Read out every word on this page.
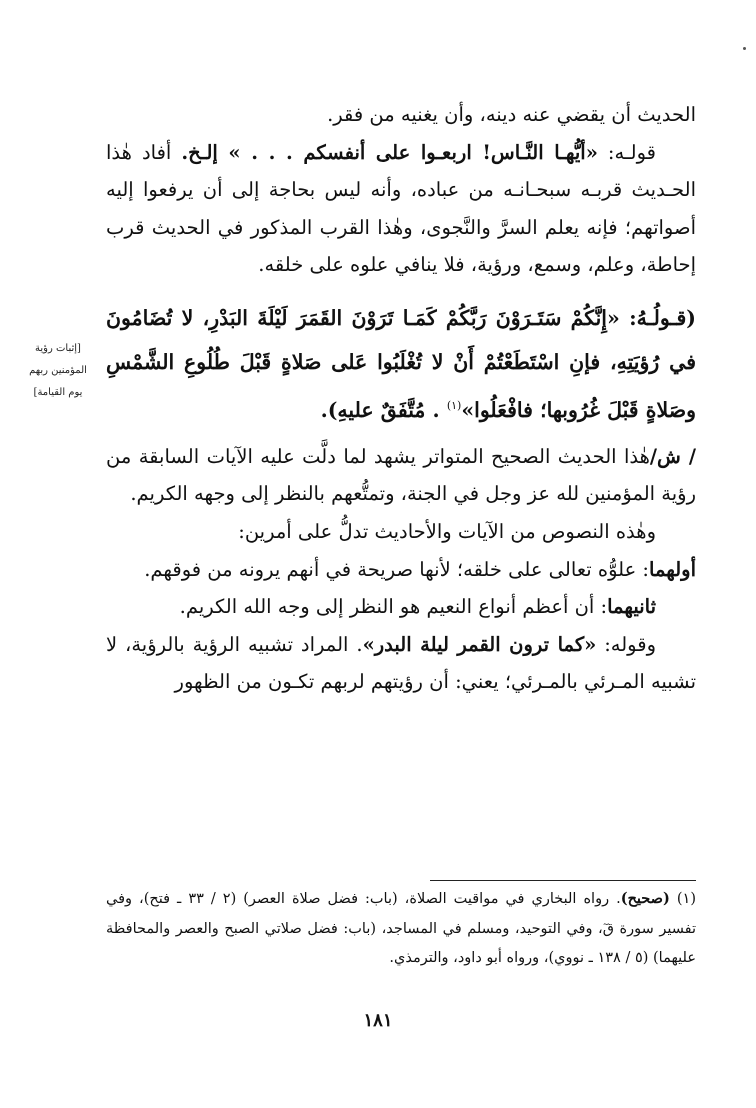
الحديث أن يقضي عنه دينه، وأن يغنيه من فقر.

قولـه: «أيُّهـا النَّـاس! اربعـوا على أنفسكم . . . » إلـخ. أفاد هٰذا الحـديث قربـه سبحـانـه من عباده، وأنه ليس بحاجة إلى أن يرفعوا إليه أصواتهم؛ فإنه يعلم السرَّ والنَّجوى، وهٰذا القرب المذكور في الحديث قرب إحاطة، وعلم، وسمع، ورؤية، فلا ينافي علوه على خلقه.

(قـولُـهُ: «إِنَّكُمْ سَتَـرَوْنَ رَبَّكُمْ كَمَـا تَرَوْنَ القَمَرَ لَيْلَةَ البَدْرِ، لا تُضَامُونَ في رُؤيَتِهِ، فإنِ اسْتَطَعْتُمْ أَنْ لا تُغْلَبُوا عَلى صَلاةٍ قَبْلَ طُلُوعِ الشَّمْسِ وصَلاةٍ قَبْلَ غُرُوبها؛ فافْعَلُوا»$^{(١)}$ . مُتَّفَقٌ عليهِ).

/ ش/هٰذا الحديث الصحيح المتواتر يشهد لما دلَّت عليه الآيات السابقة من رؤية المؤمنين لله عز وجل في الجنة، وتمتُّعهم بالنظر إلى وجهه الكريم.

وهٰذه النصوص من الآيات والأحاديث تدلُّ على أمرين:

أولهما: علوُّه تعالى على خلقه؛ لأنها صريحة في أنهم يرونه من فوقهم.

ثانيهما: أن أعظم أنواع النعيم هو النظر إلى وجه الله الكريم.

وقوله: «كما ترون القمر ليلة البدر». المراد تشبيه الرؤية بالرؤية، لا تشبيه المـرئي بالمـرئي؛ يعني: أن رؤيتهم لربهم تكـون من الظهور

[إثبات رؤية
المؤمنين ربهم
يوم القيامة]

(١) (صحيح). رواه البخاري في مواقيت الصلاة، (باب: فضل صلاة العصر) (٢ / ٣٣ ـ فتح)، وفي تفسير سورة قٓ، وفي التوحيد، ومسلم في المساجد، (باب: فضل صلاتي الصبح والعصر والمحافظة عليهما) (٥ / ١٣٨ ـ نووي)، ورواه أبو داود، والترمذي.

١٨١
